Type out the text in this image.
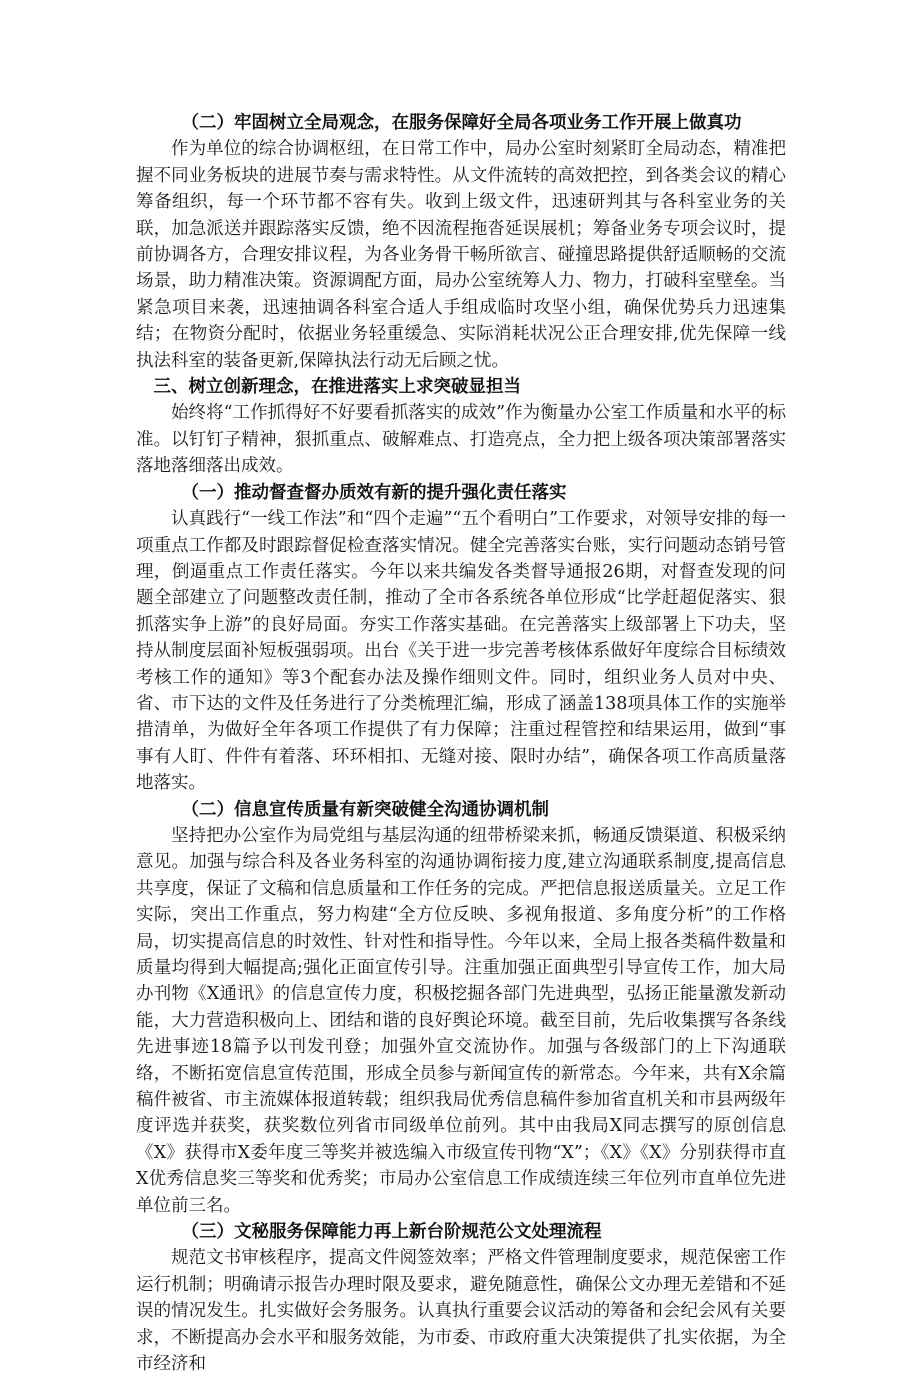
（二）牢固树立全局观念，在服务保障好全局各项业务工作开展上做真功

作为单位的综合协调枢纽，在日常工作中，局办公室时刻紧盯全局动态，精准把握不同业务板块的进展节奏与需求特性。从文件流转的高效把控，到各类会议的精心筹备组织，每一个环节都不容有失。收到上级文件，迅速研判其与各科室业务的关联，加急派送并跟踪落实反馈，绝不因流程拖沓延误展机；筹备业务专项会议时，提前协调各方，合理安排议程，为各业务骨干畅所欲言、碰撞思路提供舒适顺畅的交流场景，助力精准决策。资源调配方面，局办公室统筹人力、物力，打破科室壁垒。当紧急项目来袭，迅速抽调各科室合适人手组成临时攻坚小组，确保优势兵力迅速集结；在物资分配时，依据业务轻重缓急、实际消耗状况公正合理安排,优先保障一线执法科室的装备更新,保障执法行动无后顾之忧。

三、树立创新理念，在推进落实上求突破显担当

始终将“工作抓得好不好要看抓落实的成效”作为衡量办公室工作质量和水平的标准。以钉钉子精神，狠抓重点、破解难点、打造亮点，全力把上级各项决策部署落实落地落细落出成效。

（一）推动督查督办质效有新的提升强化责任落实

认真践行“一线工作法”和“四个走遍”“五个看明白”工作要求，对领导安排的每一项重点工作都及时跟踪督促检查落实情况。健全完善落实台账，实行问题动态销号管理，倒逼重点工作责任落实。今年以来共编发各类督导通报26期，对督查发现的问题全部建立了问题整改责任制，推动了全市各系统各单位形成“比学赶超促落实、狠抓落实争上游”的良好局面。夯实工作落实基础。在完善落实上级部署上下功夫，坚持从制度层面补短板强弱项。出台《关于进一步完善考核体系做好年度综合目标绩效考核工作的通知》等3个配套办法及操作细则文件。同时，组织业务人员对中央、省、市下达的文件及任务进行了分类梳理汇编，形成了涵盖138项具体工作的实施举措清单，为做好全年各项工作提供了有力保障；注重过程管控和结果运用，做到“事事有人盯、件件有着落、环环相扣、无缝对接、限时办结”，确保各项工作高质量落地落实。

（二）信息宣传质量有新突破健全沟通协调机制

坚持把办公室作为局党组与基层沟通的纽带桥梁来抓，畅通反馈渠道、积极采纳意见。加强与综合科及各业务科室的沟通协调衔接力度,建立沟通联系制度,提高信息共享度，保证了文稿和信息质量和工作任务的完成。严把信息报送质量关。立足工作实际，突出工作重点，努力构建“全方位反映、多视角报道、多角度分析”的工作格局，切实提高信息的时效性、针对性和指导性。今年以来，全局上报各类稿件数量和质量均得到大幅提高;强化正面宣传引导。注重加强正面典型引导宣传工作，加大局办刊物《X通讯》的信息宣传力度，积极挖掘各部门先进典型，弘扬正能量激发新动能，大力营造积极向上、团结和谐的良好舆论环境。截至目前，先后收集撰写各条线先进事迹18篇予以刊发刊登；加强外宣交流协作。加强与各级部门的上下沟通联络，不断拓宽信息宣传范围，形成全员参与新闻宣传的新常态。今年来，共有X余篇稿件被省、市主流媒体报道转载；组织我局优秀信息稿件参加省直机关和市县两级年度评选并获奖，获奖数位列省市同级单位前列。其中由我局X同志撰写的原创信息《X》获得市X委年度三等奖并被选编入市级宣传刊物“X”；《X》《X》分别获得市直X优秀信息奖三等奖和优秀奖；市局办公室信息工作成绩连续三年位列市直单位先进单位前三名。

（三）文秘服务保障能力再上新台阶规范公文处理流程

规范文书审核程序，提高文件阅签效率；严格文件管理制度要求，规范保密工作运行机制；明确请示报告办理时限及要求，避免随意性，确保公文办理无差错和不延误的情况发生。扎实做好会务服务。认真执行重要会议活动的筹备和会纪会风有关要求，不断提高办会水平和服务效能，为市委、市政府重大决策提供了扎实依据，为全市经济和
